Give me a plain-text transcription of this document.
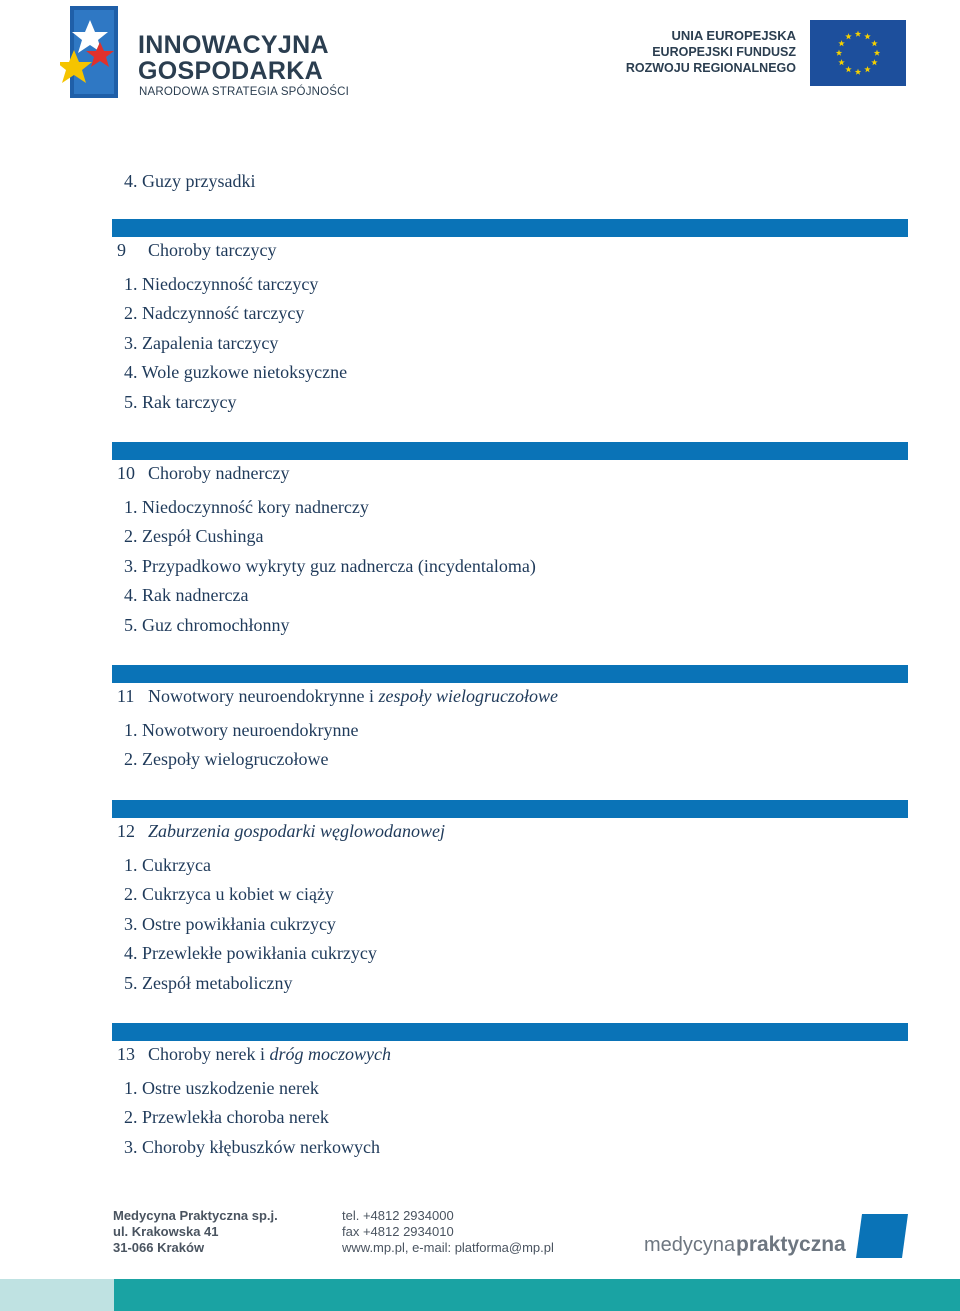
INNOWACYJNA
GOSPODARKA
NARODOWA STRATEGIA SPÓJNOŚCI
UNIA EUROPEJSKA
EUROPEJSKI FUNDUSZ
ROZWOJU REGIONALNEGO
4. Guzy przysadki
9 Choroby tarczycy
1. Niedoczynność tarczycy
2. Nadczynność tarczycy
3. Zapalenia tarczycy
4. Wole guzkowe nietoksyczne
5. Rak tarczycy
10 Choroby nadnerczy
1. Niedoczynność kory nadnerczy
2. Zespół Cushinga
3. Przypadkowo wykryty guz nadnercza (incydentaloma)
4. Rak nadnercza
5. Guz chromochłonny
11 Nowotwory neuroendokrynne i zespoły wielogruczołowe
1. Nowotwory neuroendokrynne
2. Zespoły wielogruczołowe
12 Zaburzenia gospodarki węglowodanowej
1. Cukrzyca
2. Cukrzyca u kobiet w ciąży
3. Ostre powikłania cukrzycy
4. Przewlekłe powikłania cukrzycy
5. Zespół metaboliczny
13 Choroby nerek i dróg moczowych
1. Ostre uszkodzenie nerek
2. Przewlekła choroba nerek
3. Choroby kłębuszków nerkowych
Medycyna Praktyczna sp.j.
ul. Krakowska 41
31-066 Kraków
tel. +4812 2934000
fax +4812 2934010
www.mp.pl, e-mail: platforma@mp.pl	medycyna praktyczna
